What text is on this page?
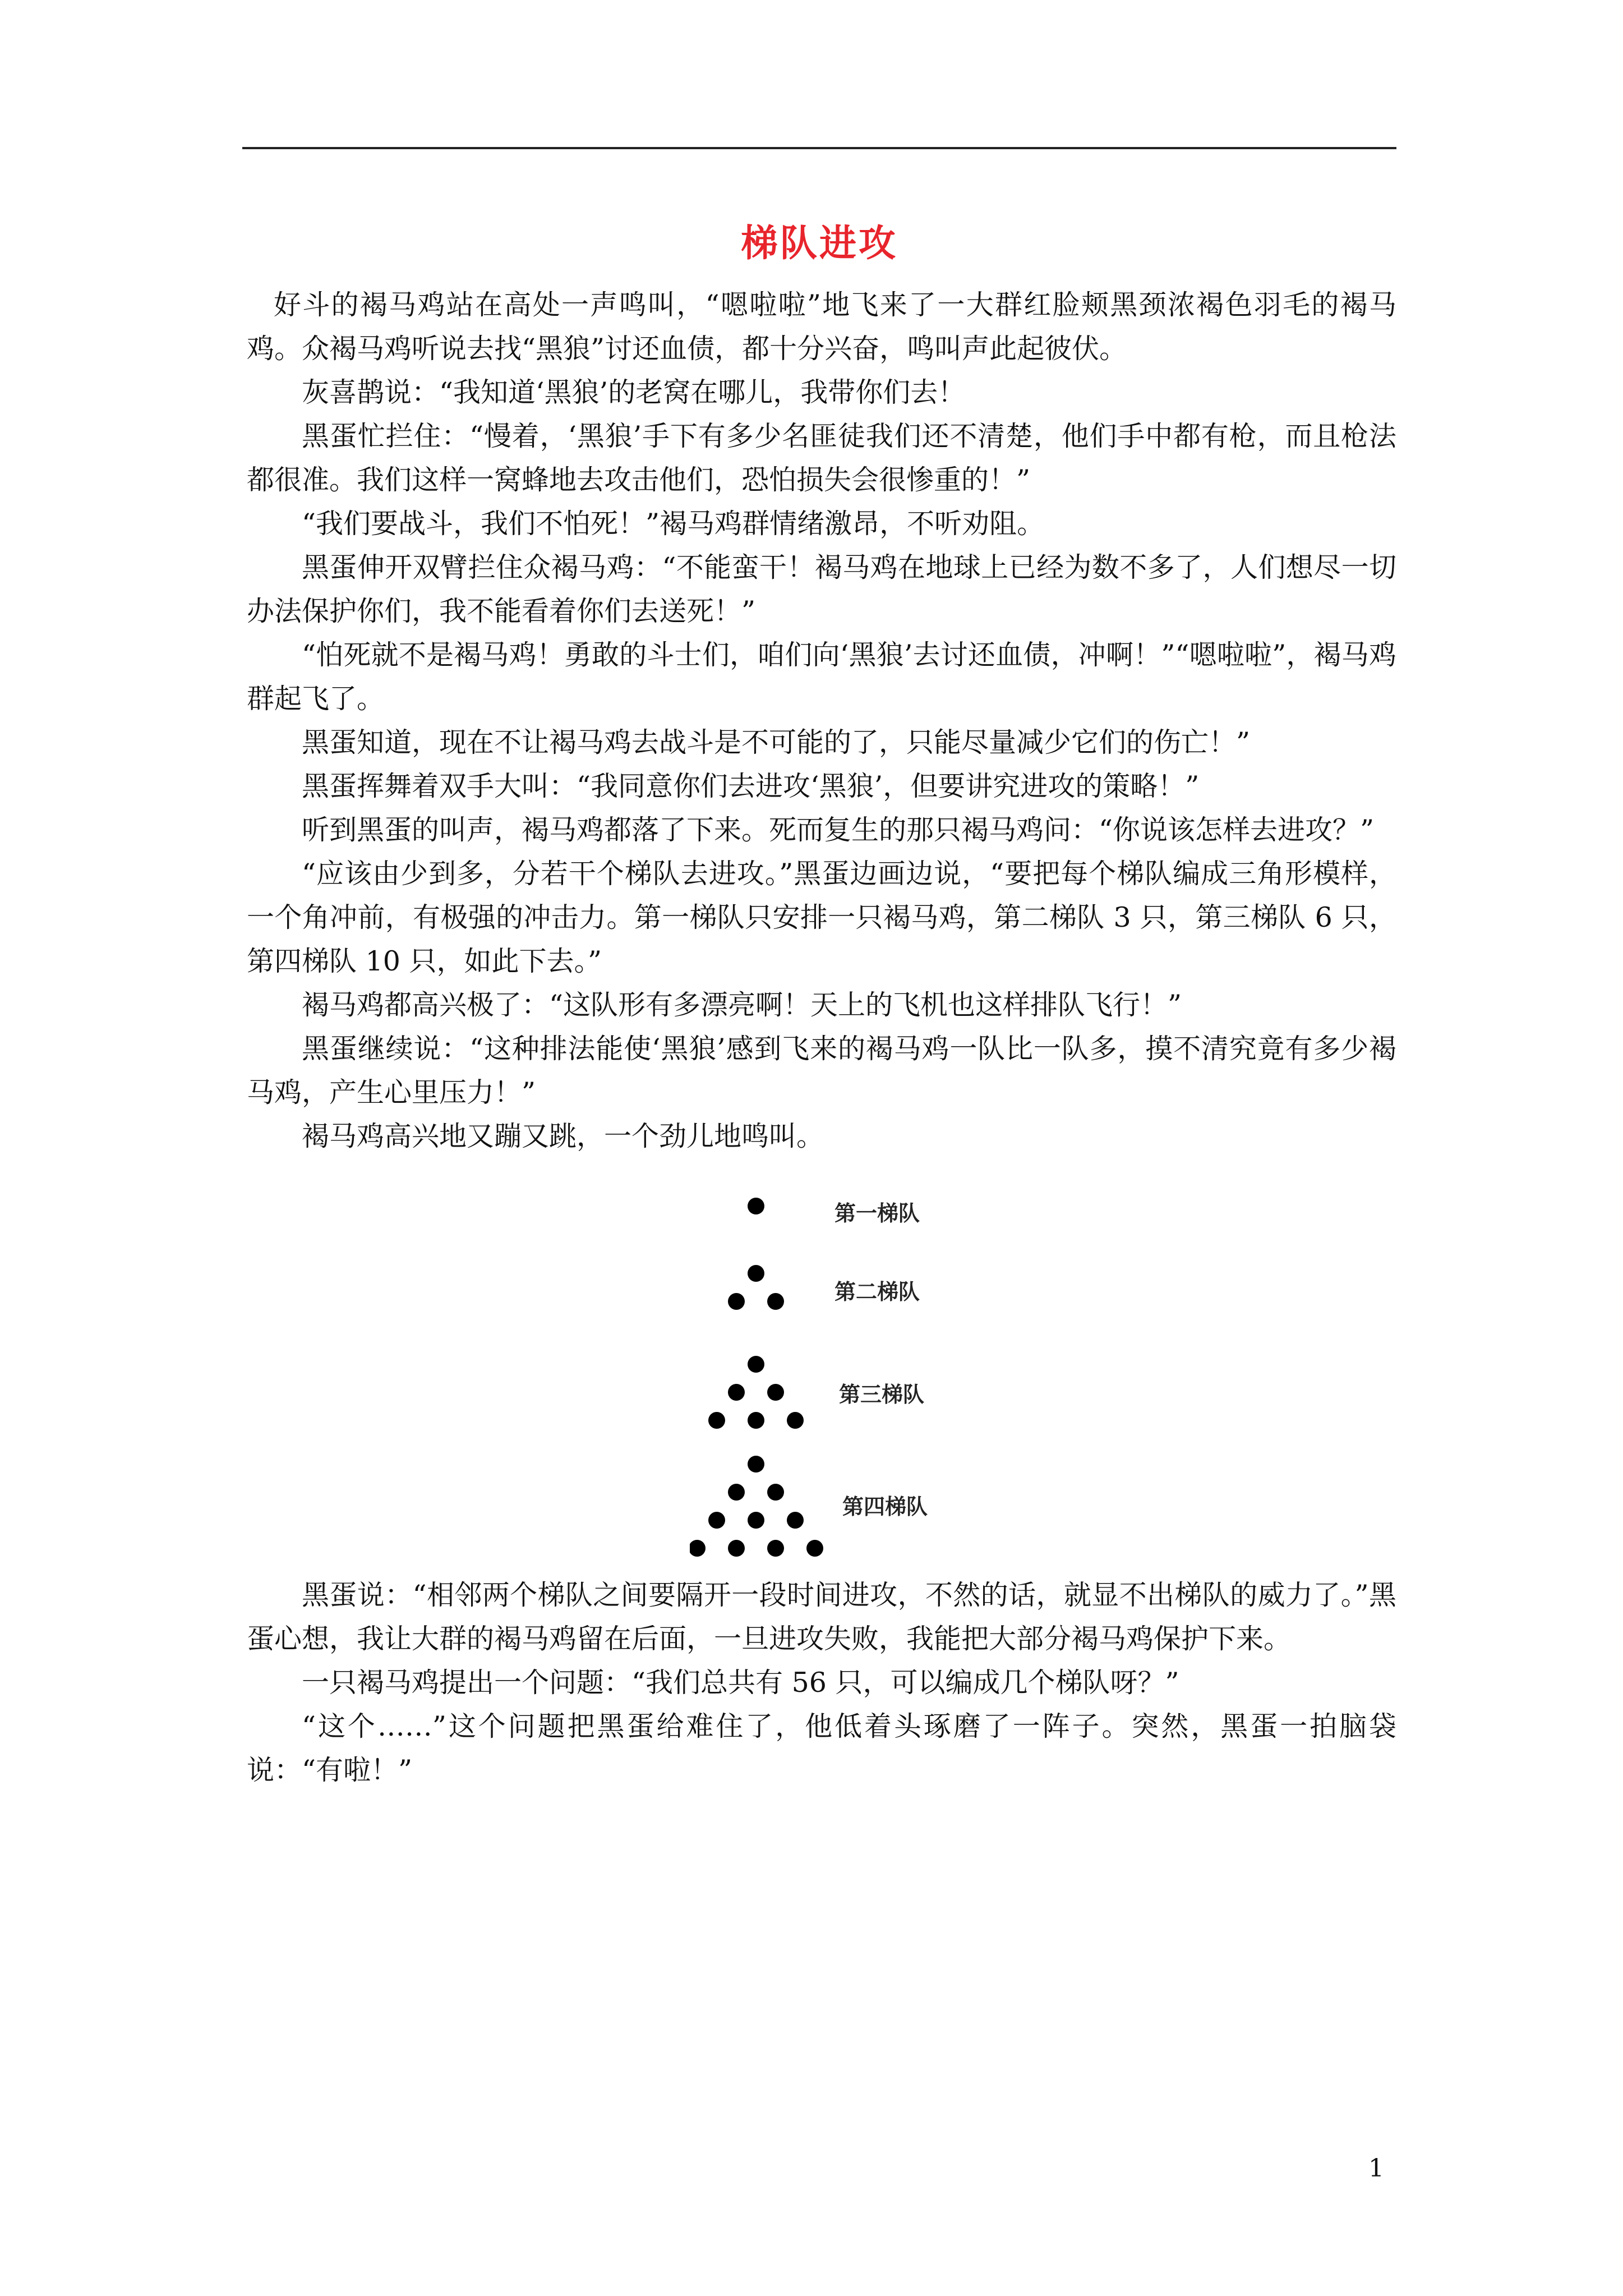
梯队进攻

好斗的褐马鸡站在高处一声鸣叫，“嗯啦啦”地飞来了一大群红脸颊黑颈浓褐色羽毛的褐马鸡。众褐马鸡听说去找“黑狼”讨还血债，都十分兴奋，鸣叫声此起彼伏。

灰喜鹊说：“我知道‘黑狼’的老窝在哪儿，我带你们去！

黑蛋忙拦住：“慢着，‘黑狼’手下有多少名匪徒我们还不清楚，他们手中都有枪，而且枪法都很准。我们这样一窝蜂地去攻击他们，恐怕损失会很惨重的！”

“我们要战斗，我们不怕死！”褐马鸡群情绪激昂，不听劝阻。

黑蛋伸开双臂拦住众褐马鸡：“不能蛮干！褐马鸡在地球上已经为数不多了，人们想尽一切办法保护你们，我不能看着你们去送死！”

“怕死就不是褐马鸡！勇敢的斗士们，咱们向‘黑狼’去讨还血债，冲啊！”“嗯啦啦”，褐马鸡群起飞了。

黑蛋知道，现在不让褐马鸡去战斗是不可能的了，只能尽量减少它们的伤亡！”

黑蛋挥舞着双手大叫：“我同意你们去进攻‘黑狼’，但要讲究进攻的策略！”

听到黑蛋的叫声，褐马鸡都落了下来。死而复生的那只褐马鸡问：“你说该怎样去进攻？”

“应该由少到多，分若干个梯队去进攻。”黑蛋边画边说，“要把每个梯队编成三角形模样，一个角冲前，有极强的冲击力。第一梯队只安排一只褐马鸡，第二梯队 3 只，第三梯队 6 只，第四梯队 10 只，如此下去。”

褐马鸡都高兴极了：“这队形有多漂亮啊！天上的飞机也这样排队飞行！”

黑蛋继续说：“这种排法能使‘黑狼’感到飞来的褐马鸡一队比一队多，摸不清究竟有多少褐马鸡，产生心里压力！”

褐马鸡高兴地又蹦又跳，一个劲儿地鸣叫。

第一梯队
第二梯队
第三梯队
第四梯队

黑蛋说：“相邻两个梯队之间要隔开一段时间进攻，不然的话，就显不出梯队的威力了。”黑蛋心想，我让大群的褐马鸡留在后面，一旦进攻失败，我能把大部分褐马鸡保护下来。

一只褐马鸡提出一个问题：“我们总共有 56 只，可以编成几个梯队呀？”

“这个……”这个问题把黑蛋给难住了，他低着头琢磨了一阵子。突然，黑蛋一拍脑袋说：“有啦！”

1
